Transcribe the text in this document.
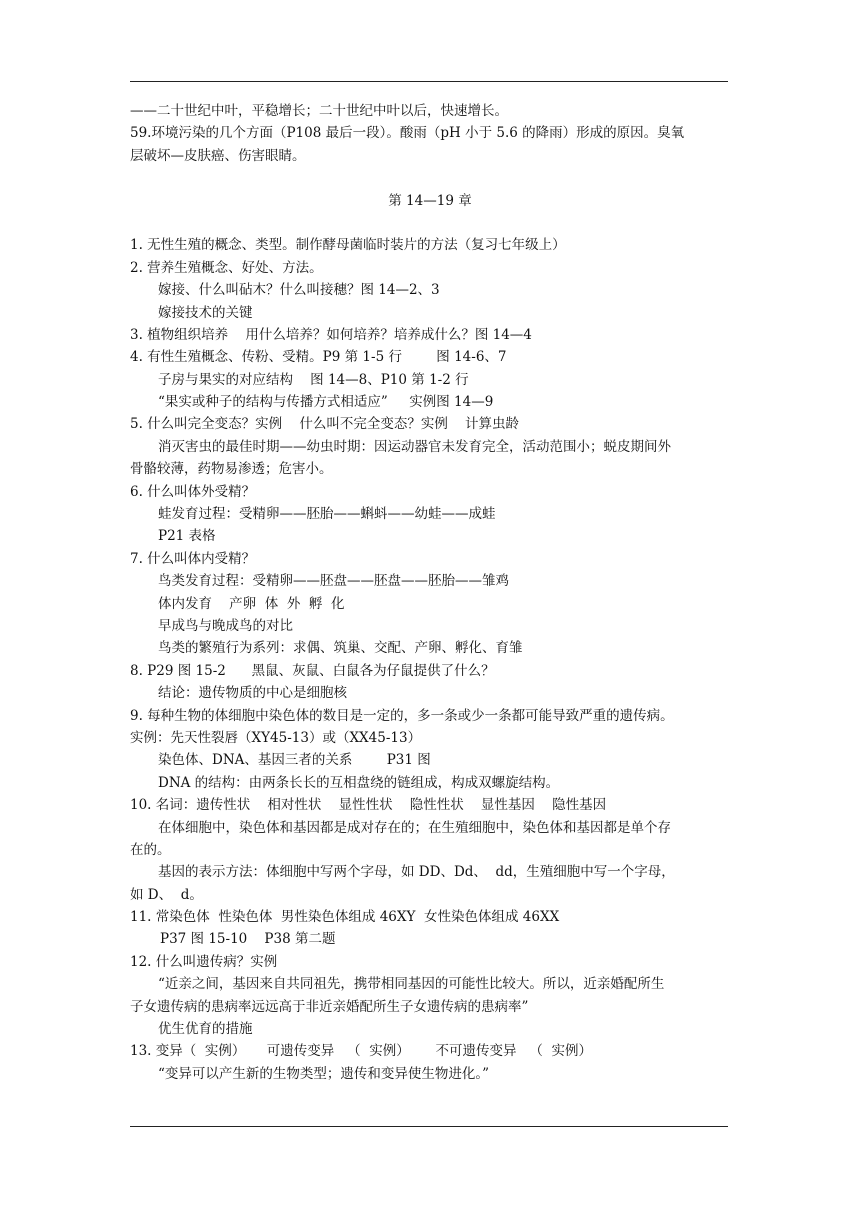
——二十世纪中叶，平稳增长；二十世纪中叶以后，快速增长。
59.环境污染的几个方面（P108 最后一段）。酸雨（pH 小于 5.6 的降雨）形成的原因。臭氧
层破坏—皮肤癌、伤害眼睛。
第 14—19 章
1. 无性生殖的概念、类型。制作酵母菌临时装片的方法（复习七年级上）
2. 营养生殖概念、好处、方法。
嫁接、什么叫砧木？什么叫接穗？图 14—2、3
嫁接技术的关键
3. 植物组织培养    用什么培养？如何培养？培养成什么？图 14—4
4. 有性生殖概念、传粉、受精。P9 第 1-5 行        图 14-6、7
子房与果实的对应结构    图 14—8、P10 第 1-2 行
“果实或种子的结构与传播方式相适应”     实例图 14—9
5. 什么叫完全变态？实例    什么叫不完全变态？实例    计算虫龄
消灭害虫的最佳时期——幼虫时期：因运动器官未发育完全，活动范围小；蜕皮期间外
骨骼较薄，药物易渗透；危害小。
6. 什么叫体外受精？
蛙发育过程：受精卵——胚胎——蝌蚪——幼蛙——成蛙
P21 表格
7. 什么叫体内受精？
鸟类发育过程：受精卵——胚盘——胚盘——胚胎——雏鸡
体内发育    产卵  体  外  孵  化
早成鸟与晚成鸟的对比
鸟类的繁殖行为系列：求偶、筑巢、交配、产卵、孵化、育雏
8. P29 图 15-2      黑鼠、灰鼠、白鼠各为仔鼠提供了什么？
结论：遗传物质的中心是细胞核
9. 每种生物的体细胞中染色体的数目是一定的，多一条或少一条都可能导致严重的遗传病。
实例：先天性裂唇（XY45-13）或（XX45-13）
染色体、DNA、基因三者的关系        P31 图
DNA 的结构：由两条长长的互相盘绕的链组成，构成双螺旋结构。
10. 名词：遗传性状    相对性状    显性性状    隐性性状    显性基因    隐性基因
在体细胞中，染色体和基因都是成对存在的；在生殖细胞中，染色体和基因都是单个存
在的。
基因的表示方法：体细胞中写两个字母，如 DD、Dd、  dd，生殖细胞中写一个字母，
如 D、  d。
11. 常染色体  性染色体  男性染色体组成 46XY  女性染色体组成 46XX
P37 图 15-10    P38 第二题
12. 什么叫遗传病？实例
“近亲之间，基因来自共同祖先，携带相同基因的可能性比较大。所以，近亲婚配所生
子女遗传病的患病率远远高于非近亲婚配所生子女遗传病的患病率”
优生优育的措施
13. 变异（  实例）     可遗传变异   （  实例）      不可遗传变异   （  实例）
“变异可以产生新的生物类型；遗传和变异使生物进化。”
